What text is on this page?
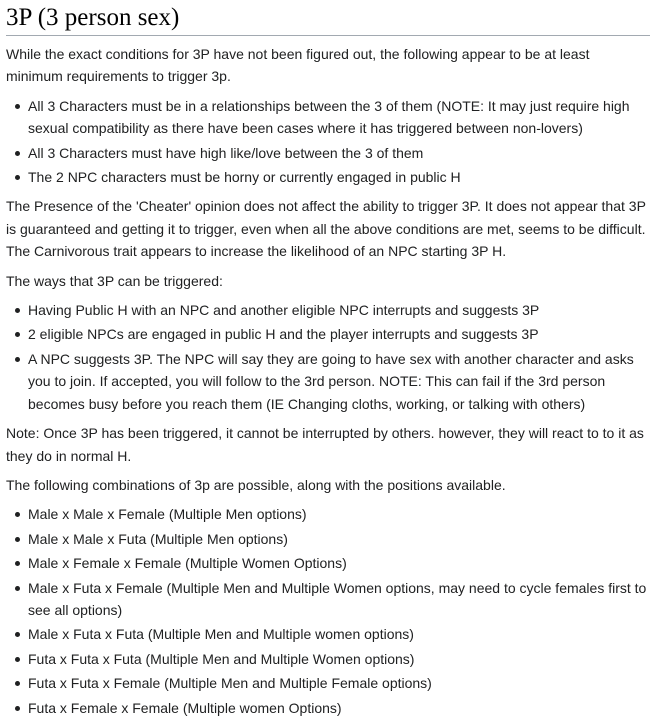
3P (3 person sex)

While the exact conditions for 3P have not been figured out, the following appear to be at least minimum requirements to trigger 3p.

All 3 Characters must be in a relationships between the 3 of them (NOTE: It may just require high sexual compatibility as there have been cases where it has triggered between non-lovers)
All 3 Characters must have high like/love between the 3 of them
The 2 NPC characters must be horny or currently engaged in public H

The Presence of the 'Cheater' opinion does not affect the ability to trigger 3P. It does not appear that 3P is guaranteed and getting it to trigger, even when all the above conditions are met, seems to be difficult. The Carnivorous trait appears to increase the likelihood of an NPC starting 3P H.

The ways that 3P can be triggered:

Having Public H with an NPC and another eligible NPC interrupts and suggests 3P
2 eligible NPCs are engaged in public H and the player interrupts and suggests 3P
A NPC suggests 3P. The NPC will say they are going to have sex with another character and asks you to join. If accepted, you will follow to the 3rd person. NOTE: This can fail if the 3rd person becomes busy before you reach them (IE Changing cloths, working, or talking with others)

Note: Once 3P has been triggered, it cannot be interrupted by others. however, they will react to to it as they do in normal H.

The following combinations of 3p are possible, along with the positions available.

Male x Male x Female (Multiple Men options)
Male x Male x Futa (Multiple Men options)
Male x Female x Female (Multiple Women Options)
Male x Futa x Female (Multiple Men and Multiple Women options, may need to cycle females first to see all options)
Male x Futa x Futa (Multiple Men and Multiple women options)
Futa x Futa x Futa (Multiple Men and Multiple Women options)
Futa x Futa x Female (Multiple Men and Multiple Female options)
Futa x Female x Female (Multiple women Options)
